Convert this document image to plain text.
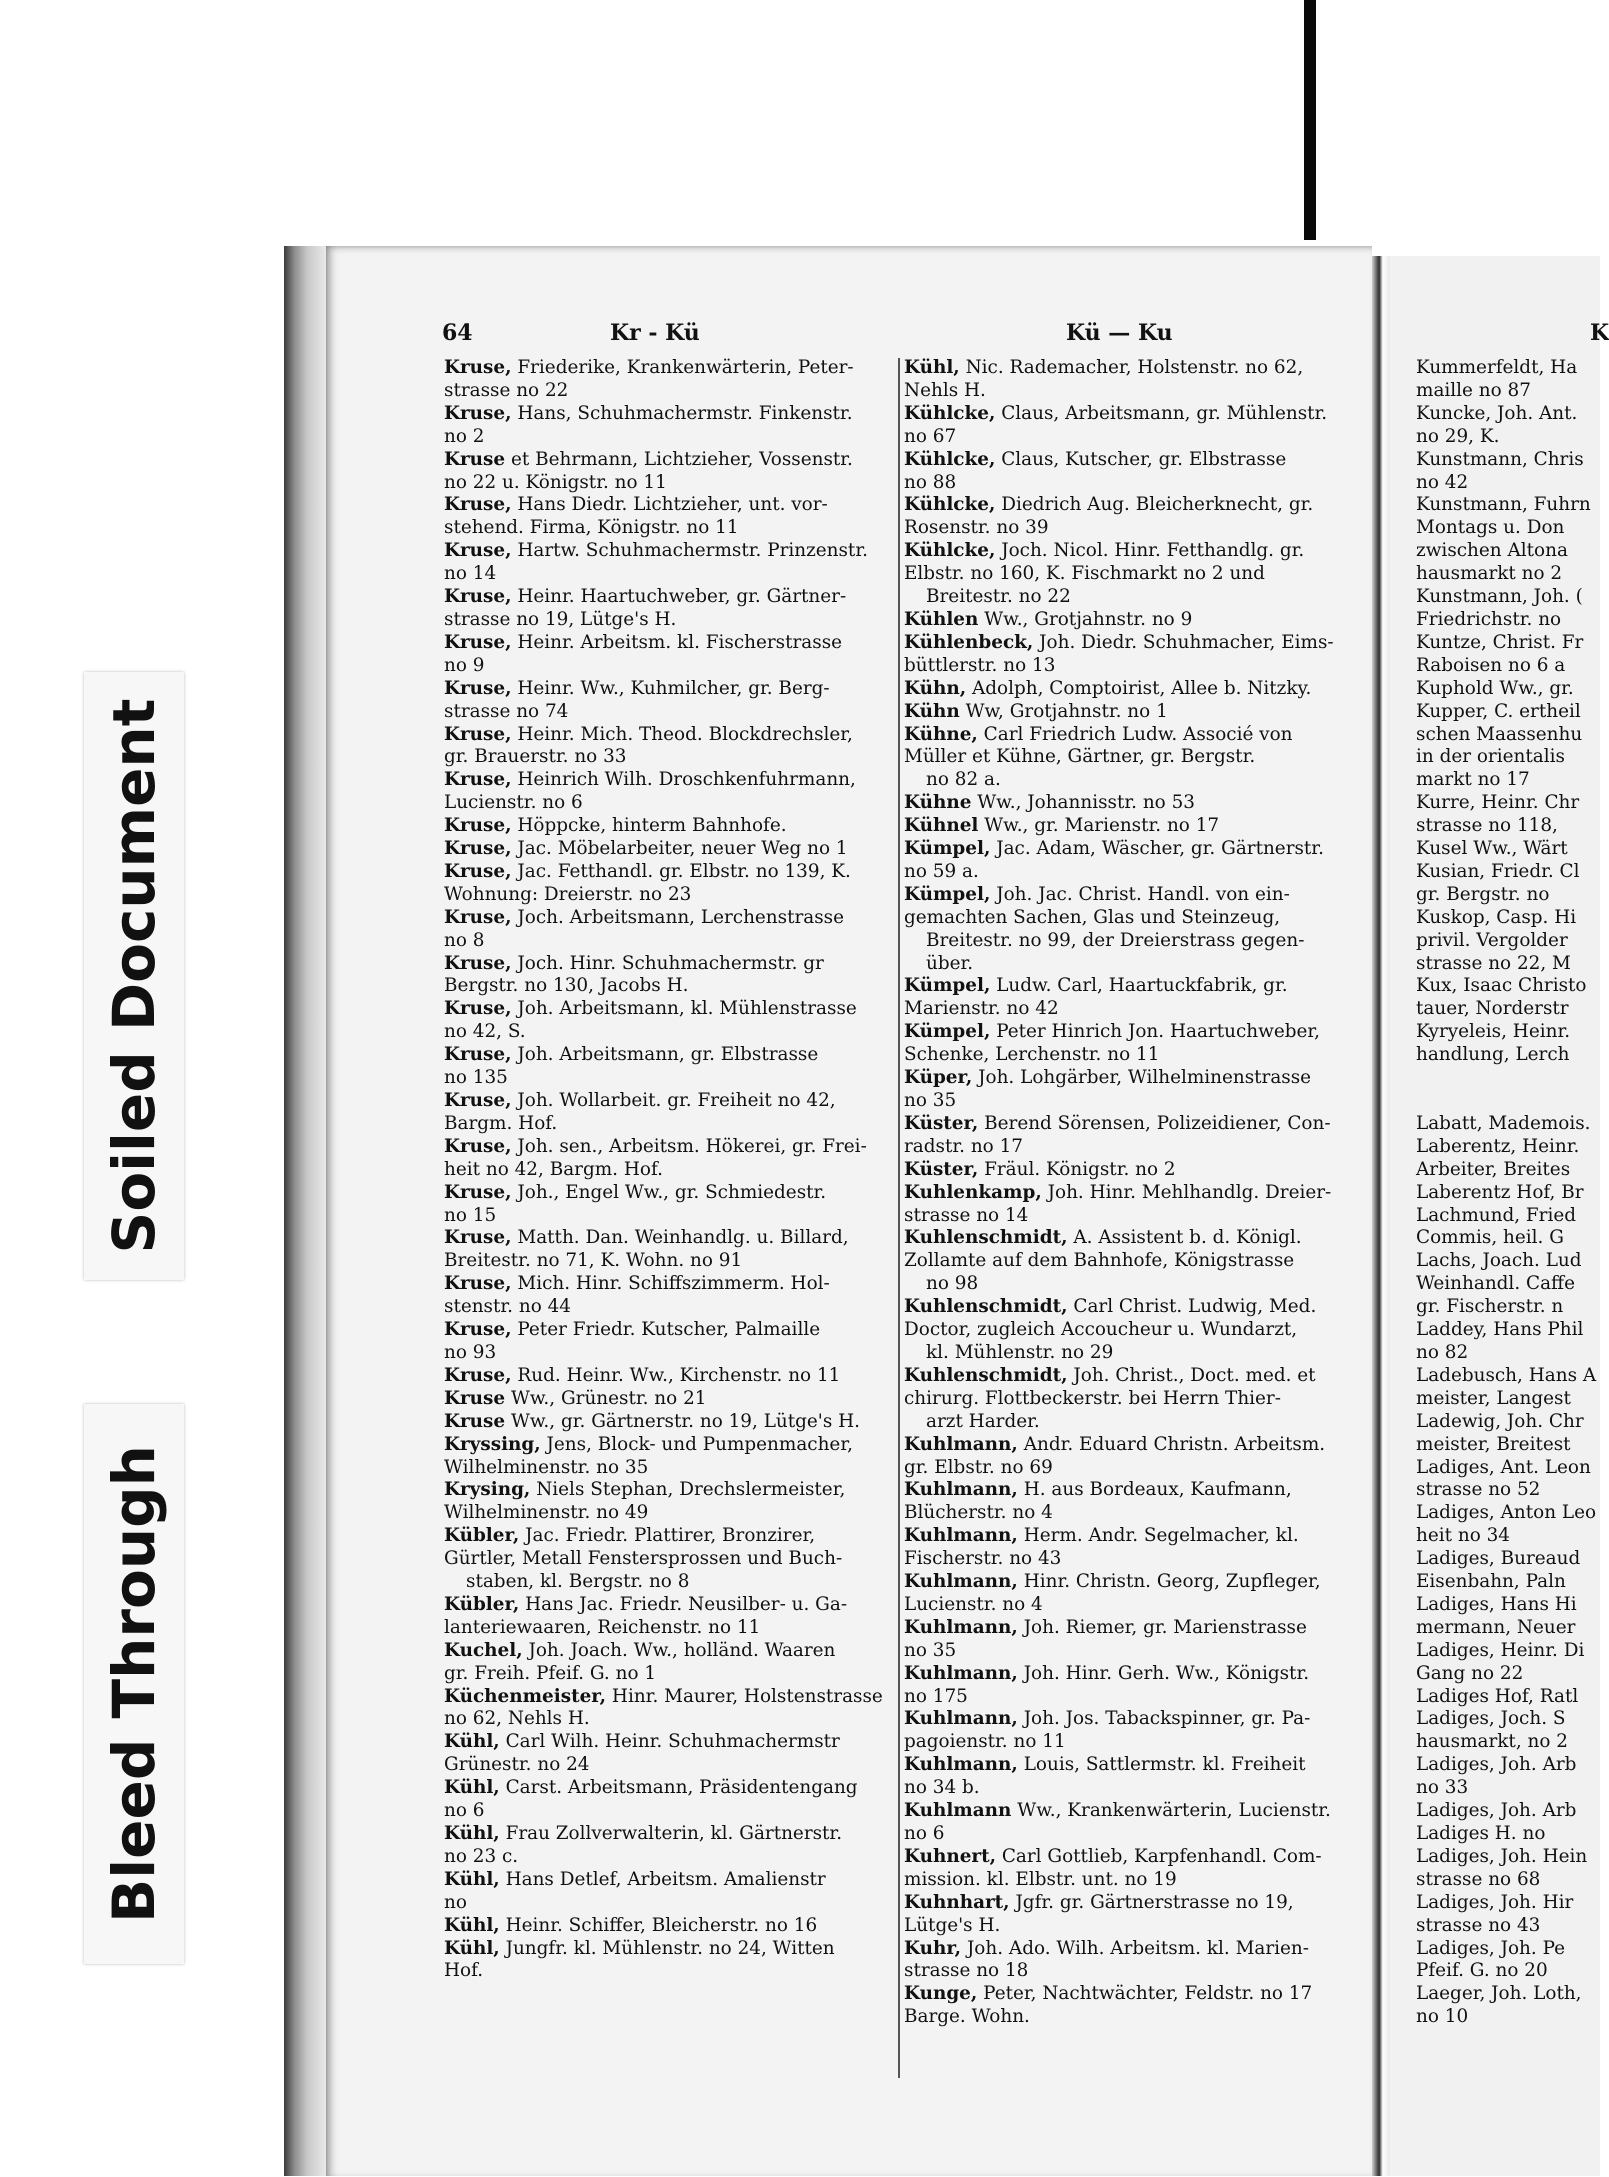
Soiled Document
Bleed Through
64	Kr - Kü	Kü — Ku	K
Kruse, Friederike, Krankenwärterin, Peter-
strasse no 22
Kruse, Hans, Schuhmachermstr. Finkenstr.
no 2
Kruse et Behrmann, Lichtzieher, Vossenstr.
no 22 u. Königstr. no 11
Kruse, Hans Diedr. Lichtzieher, unt. vor-
stehend. Firma, Königstr. no 11
Kruse, Hartw. Schuhmachermstr. Prinzenstr.
no 14
Kruse, Heinr. Haartuchweber, gr. Gärtner-
strasse no 19, Lütge's H.
Kruse, Heinr. Arbeitsm. kl. Fischerstrasse
no 9
Kruse, Heinr. Ww., Kuhmilcher, gr. Berg-
strasse no 74
Kruse, Heinr. Mich. Theod. Blockdrechsler,
gr. Brauerstr. no 33
Kruse, Heinrich Wilh. Droschkenfuhrmann,
Lucienstr. no 6
Kruse, Höppcke, hinterm Bahnhofe.
Kruse, Jac. Möbelarbeiter, neuer Weg no 1
Kruse, Jac. Fetthandl. gr. Elbstr. no 139, K.
Wohnung: Dreierstr. no 23
Kruse, Joch. Arbeitsmann, Lerchenstrasse
no 8
Kruse, Joch. Hinr. Schuhmachermstr. gr
Bergstr. no 130, Jacobs H.
Kruse, Joh. Arbeitsmann, kl. Mühlenstrasse
no 42, S.
Kruse, Joh. Arbeitsmann, gr. Elbstrasse
no 135
Kruse, Joh. Wollarbeit. gr. Freiheit no 42,
Bargm. Hof.
Kruse, Joh. sen., Arbeitsm. Hökerei, gr. Frei-
heit no 42, Bargm. Hof.
Kruse, Joh., Engel Ww., gr. Schmiedestr.
no 15
Kruse, Matth. Dan. Weinhandlg. u. Billard,
Breitestr. no 71, K. Wohn. no 91
Kruse, Mich. Hinr. Schiffszimmerm. Hol-
stenstr. no 44
Kruse, Peter Friedr. Kutscher, Palmaille
no 93
Kruse, Rud. Heinr. Ww., Kirchenstr. no 11
Kruse Ww., Grünestr. no 21
Kruse Ww., gr. Gärtnerstr. no 19, Lütge's H.
Kryssing, Jens, Block- und Pumpenmacher,
Wilhelminenstr. no 35
Krysing, Niels Stephan, Drechslermeister,
Wilhelminenstr. no 49
Kübler, Jac. Friedr. Plattirer, Bronzirer,
Gürtler, Metall Fenstersprossen und Buch-
staben, kl. Bergstr. no 8
Kübler, Hans Jac. Friedr. Neusilber- u. Ga-
lanteriewaaren, Reichenstr. no 11
Kuchel, Joh. Joach. Ww., holländ. Waaren
gr. Freih. Pfeif. G. no 1
Küchenmeister, Hinr. Maurer, Holstenstrasse
no 62, Nehls H.
Kühl, Carl Wilh. Heinr. Schuhmachermstr
Grünestr. no 24
Kühl, Carst. Arbeitsmann, Präsidentengang
no 6
Kühl, Frau Zollverwalterin, kl. Gärtnerstr.
no 23 c.
Kühl, Hans Detlef, Arbeitsm. Amalienstr
no
Kühl, Heinr. Schiffer, Bleicherstr. no 16
Kühl, Jungfr. kl. Mühlenstr. no 24, Witten
Hof.
Kühl, Nic. Rademacher, Holstenstr. no 62,
Nehls H.
Kühlcke, Claus, Arbeitsmann, gr. Mühlenstr.
no 67
Kühlcke, Claus, Kutscher, gr. Elbstrasse
no 88
Kühlcke, Diedrich Aug. Bleicherknecht, gr.
Rosenstr. no 39
Kühlcke, Joch. Nicol. Hinr. Fetthandlg. gr.
Elbstr. no 160, K. Fischmarkt no 2 und
Breitestr. no 22
Kühlen Ww., Grotjahnstr. no 9
Kühlenbeck, Joh. Diedr. Schuhmacher, Eims-
büttlerstr. no 13
Kühn, Adolph, Comptoirist, Allee b. Nitzky.
Kühn Ww, Grotjahnstr. no 1
Kühne, Carl Friedrich Ludw. Associé von
Müller et Kühne, Gärtner, gr. Bergstr.
no 82 a.
Kühne Ww., Johannisstr. no 53
Kühnel Ww., gr. Marienstr. no 17
Kümpel, Jac. Adam, Wäscher, gr. Gärtnerstr.
no 59 a.
Kümpel, Joh. Jac. Christ. Handl. von ein-
gemachten Sachen, Glas und Steinzeug,
Breitestr. no 99, der Dreierstrass gegen-
über.
Kümpel, Ludw. Carl, Haartuckfabrik, gr.
Marienstr. no 42
Kümpel, Peter Hinrich Jon. Haartuchweber,
Schenke, Lerchenstr. no 11
Küper, Joh. Lohgärber, Wilhelminenstrasse
no 35
Küster, Berend Sörensen, Polizeidiener, Con-
radstr. no 17
Küster, Fräul. Königstr. no 2
Kuhlenkamp, Joh. Hinr. Mehlhandlg. Dreier-
strasse no 14
Kuhlenschmidt, A. Assistent b. d. Königl.
Zollamte auf dem Bahnhofe, Königstrasse
no 98
Kuhlenschmidt, Carl Christ. Ludwig, Med.
Doctor, zugleich Accoucheur u. Wundarzt,
kl. Mühlenstr. no 29
Kuhlenschmidt, Joh. Christ., Doct. med. et
chirurg. Flottbeckerstr. bei Herrn Thier-
arzt Harder.
Kuhlmann, Andr. Eduard Christn. Arbeitsm.
gr. Elbstr. no 69
Kuhlmann, H. aus Bordeaux, Kaufmann,
Blücherstr. no 4
Kuhlmann, Herm. Andr. Segelmacher, kl.
Fischerstr. no 43
Kuhlmann, Hinr. Christn. Georg, Zupfleger,
Lucienstr. no 4
Kuhlmann, Joh. Riemer, gr. Marienstrasse
no 35
Kuhlmann, Joh. Hinr. Gerh. Ww., Königstr.
no 175
Kuhlmann, Joh. Jos. Tabackspinner, gr. Pa-
pagoienstr. no 11
Kuhlmann, Louis, Sattlermstr. kl. Freiheit
no 34 b.
Kuhlmann Ww., Krankenwärterin, Lucienstr.
no 6
Kuhnert, Carl Gottlieb, Karpfenhandl. Com-
mission. kl. Elbstr. unt. no 19
Kuhnhart, Jgfr. gr. Gärtnerstrasse no 19,
Lütge's H.
Kuhr, Joh. Ado. Wilh. Arbeitsm. kl. Marien-
strasse no 18
Kunge, Peter, Nachtwächter, Feldstr. no 17
Barge. Wohn.
Kummerfeldt, Ha
maille no 87
Kuncke, Joh. Ant.
no 29, K.
Kunstmann, Chris
no 42
Kunstmann, Fuhrn
Montags u. Don
zwischen Altona
hausmarkt no 2
Kunstmann, Joh. (
Friedrichstr. no
Kuntze, Christ. Fr
Raboisen no 6 a
Kuphold Ww., gr.
Kupper, C. ertheil
schen Maassenhu
in der orientalis
markt no 17
Kurre, Heinr. Chr
strasse no 118,
Kusel Ww., Wärt
Kusian, Friedr. Cl
gr. Bergstr. no
Kuskop, Casp. Hi
privil. Vergolder
strasse no 22, M
Kux, Isaac Christo
tauer, Norderstr
Kyryeleis, Heinr.
handlung, Lerch

Labatt, Mademois.
Laberentz, Heinr.
Arbeiter, Breites
Laberentz Hof, Br
Lachmund, Fried
Commis, heil. G
Lachs, Joach. Lud
Weinhandl. Caffe
gr. Fischerstr. n
Laddey, Hans Phil
no 82
Ladebusch, Hans A
meister, Langest
Ladewig, Joh. Chr
meister, Breitest
Ladiges, Ant. Leon
strasse no 52
Ladiges, Anton Leo
heit no 34
Ladiges, Bureaud
Eisenbahn, Paln
Ladiges, Hans Hi
mermann, Neuer
Ladiges, Heinr. Di
Gang no 22
Ladiges Hof, Ratl
Ladiges, Joch. S
hausmarkt, no 2
Ladiges, Joh. Arb
no 33
Ladiges, Joh. Arb
Ladiges H. no
Ladiges, Joh. Hein
strasse no 68
Ladiges, Joh. Hir
strasse no 43
Ladiges, Joh. Pe
Pfeif. G. no 20
Laeger, Joh. Loth,
no 10
